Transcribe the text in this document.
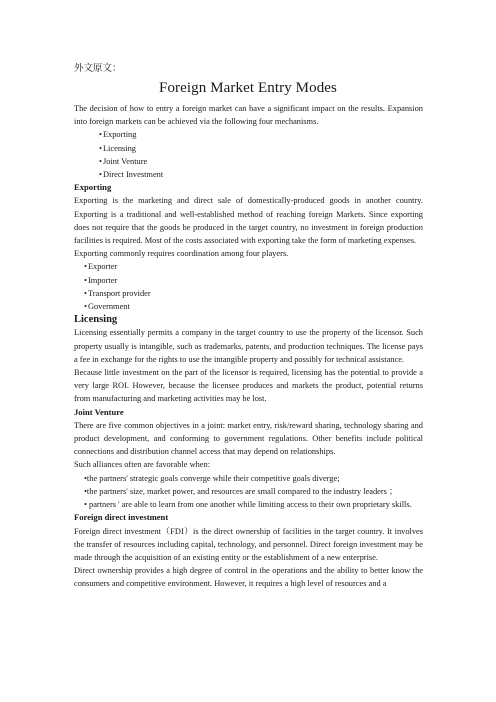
外文原文：
Foreign Market Entry Modes

The decision of how to entry a foreign market can have a significant impact on the results. Expansion into foreign markets can be achieved via the following four mechanisms.

• Exporting
• Licensing
• Joint Venture
• Direct Investment

Exporting

Exporting is the marketing and direct sale of domestically-produced goods in another country. Exporting is a traditional and well-established method of reaching foreign Markets. Since exporting does not require that the goods be produced in the target country, no investment in foreign production facilities is required. Most of the costs associated with exporting take the form of marketing expenses.

Exporting commonly requires coordination among four players.

• Exporter
• Importer
• Transport provider
• Government

Licensing

Licensing essentially permits a company in the target country to use the property of the licensor. Such property usually is intangible, such as trademarks, patents, and production techniques. The license pays a fee in exchange for the rights to use the intangible property and possibly for technical assistance.

Because little investment on the part of the licensor is required, licensing has the potential to provide a very large ROI. However, because the licensee produces and markets the product, potential returns from manufacturing and marketing activities may be lost.

Joint Venture

There are five common objectives in a joint: market entry, risk/reward sharing, technology sharing and product development, and conforming to government regulations. Other benefits include political connections and distribution channel access that may depend on relationships.

Such alliances often are favorable when:

•the partners' strategic goals converge while their competitive goals diverge;

•the partners' size, market power, and resources are small compared to the industry leaders ；

• partners ' are able to learn from one another while limiting access to their own proprietary skills.

Foreign direct investment

Foreign direct investment（FDI）is the direct ownership of facilities in the target country. It involves the transfer of resources including capital, technology, and personnel. Direct foreign investment may be made through the acquisition of an existing entity or the establishment of a new enterprise.

Direct ownership provides a high degree of control in the operations and the ability to better know the consumers and competitive environment. However, it requires a high level of resources and a
